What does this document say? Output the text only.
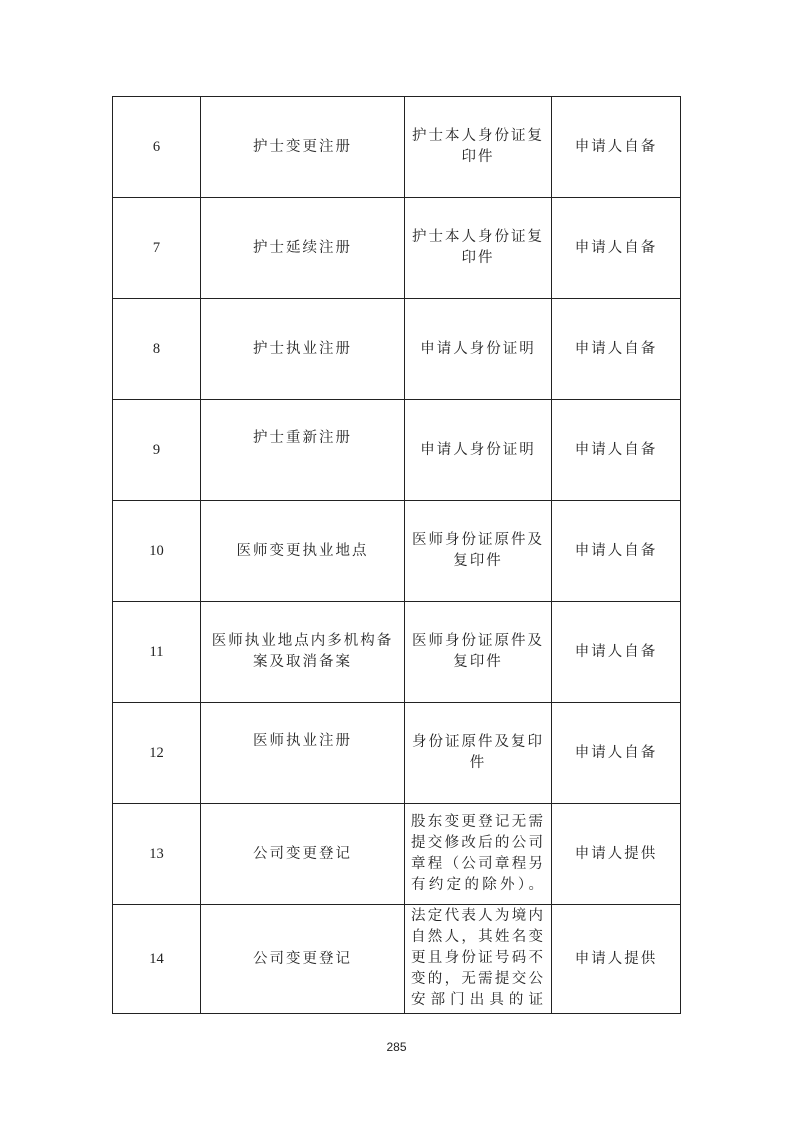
6	护士变更注册	护士本人身份证复印件	申请人自备
7	护士延续注册	护士本人身份证复印件	申请人自备
8	护士执业注册	申请人身份证明	申请人自备
9	护士重新注册	申请人身份证明	申请人自备
10	医师变更执业地点	医师身份证原件及复印件	申请人自备
11	医师执业地点内多机构备案及取消备案	医师身份证原件及复印件	申请人自备
12	医师执业注册	身份证原件及复印件	申请人自备
13	公司变更登记	股东变更登记无需提交修改后的公司章程（公司章程另有约定的除外）。	申请人提供
14	公司变更登记	法定代表人为境内自然人，其姓名变更且身份证号码不变的，无需提交公安部门出具的证	申请人提供
285
